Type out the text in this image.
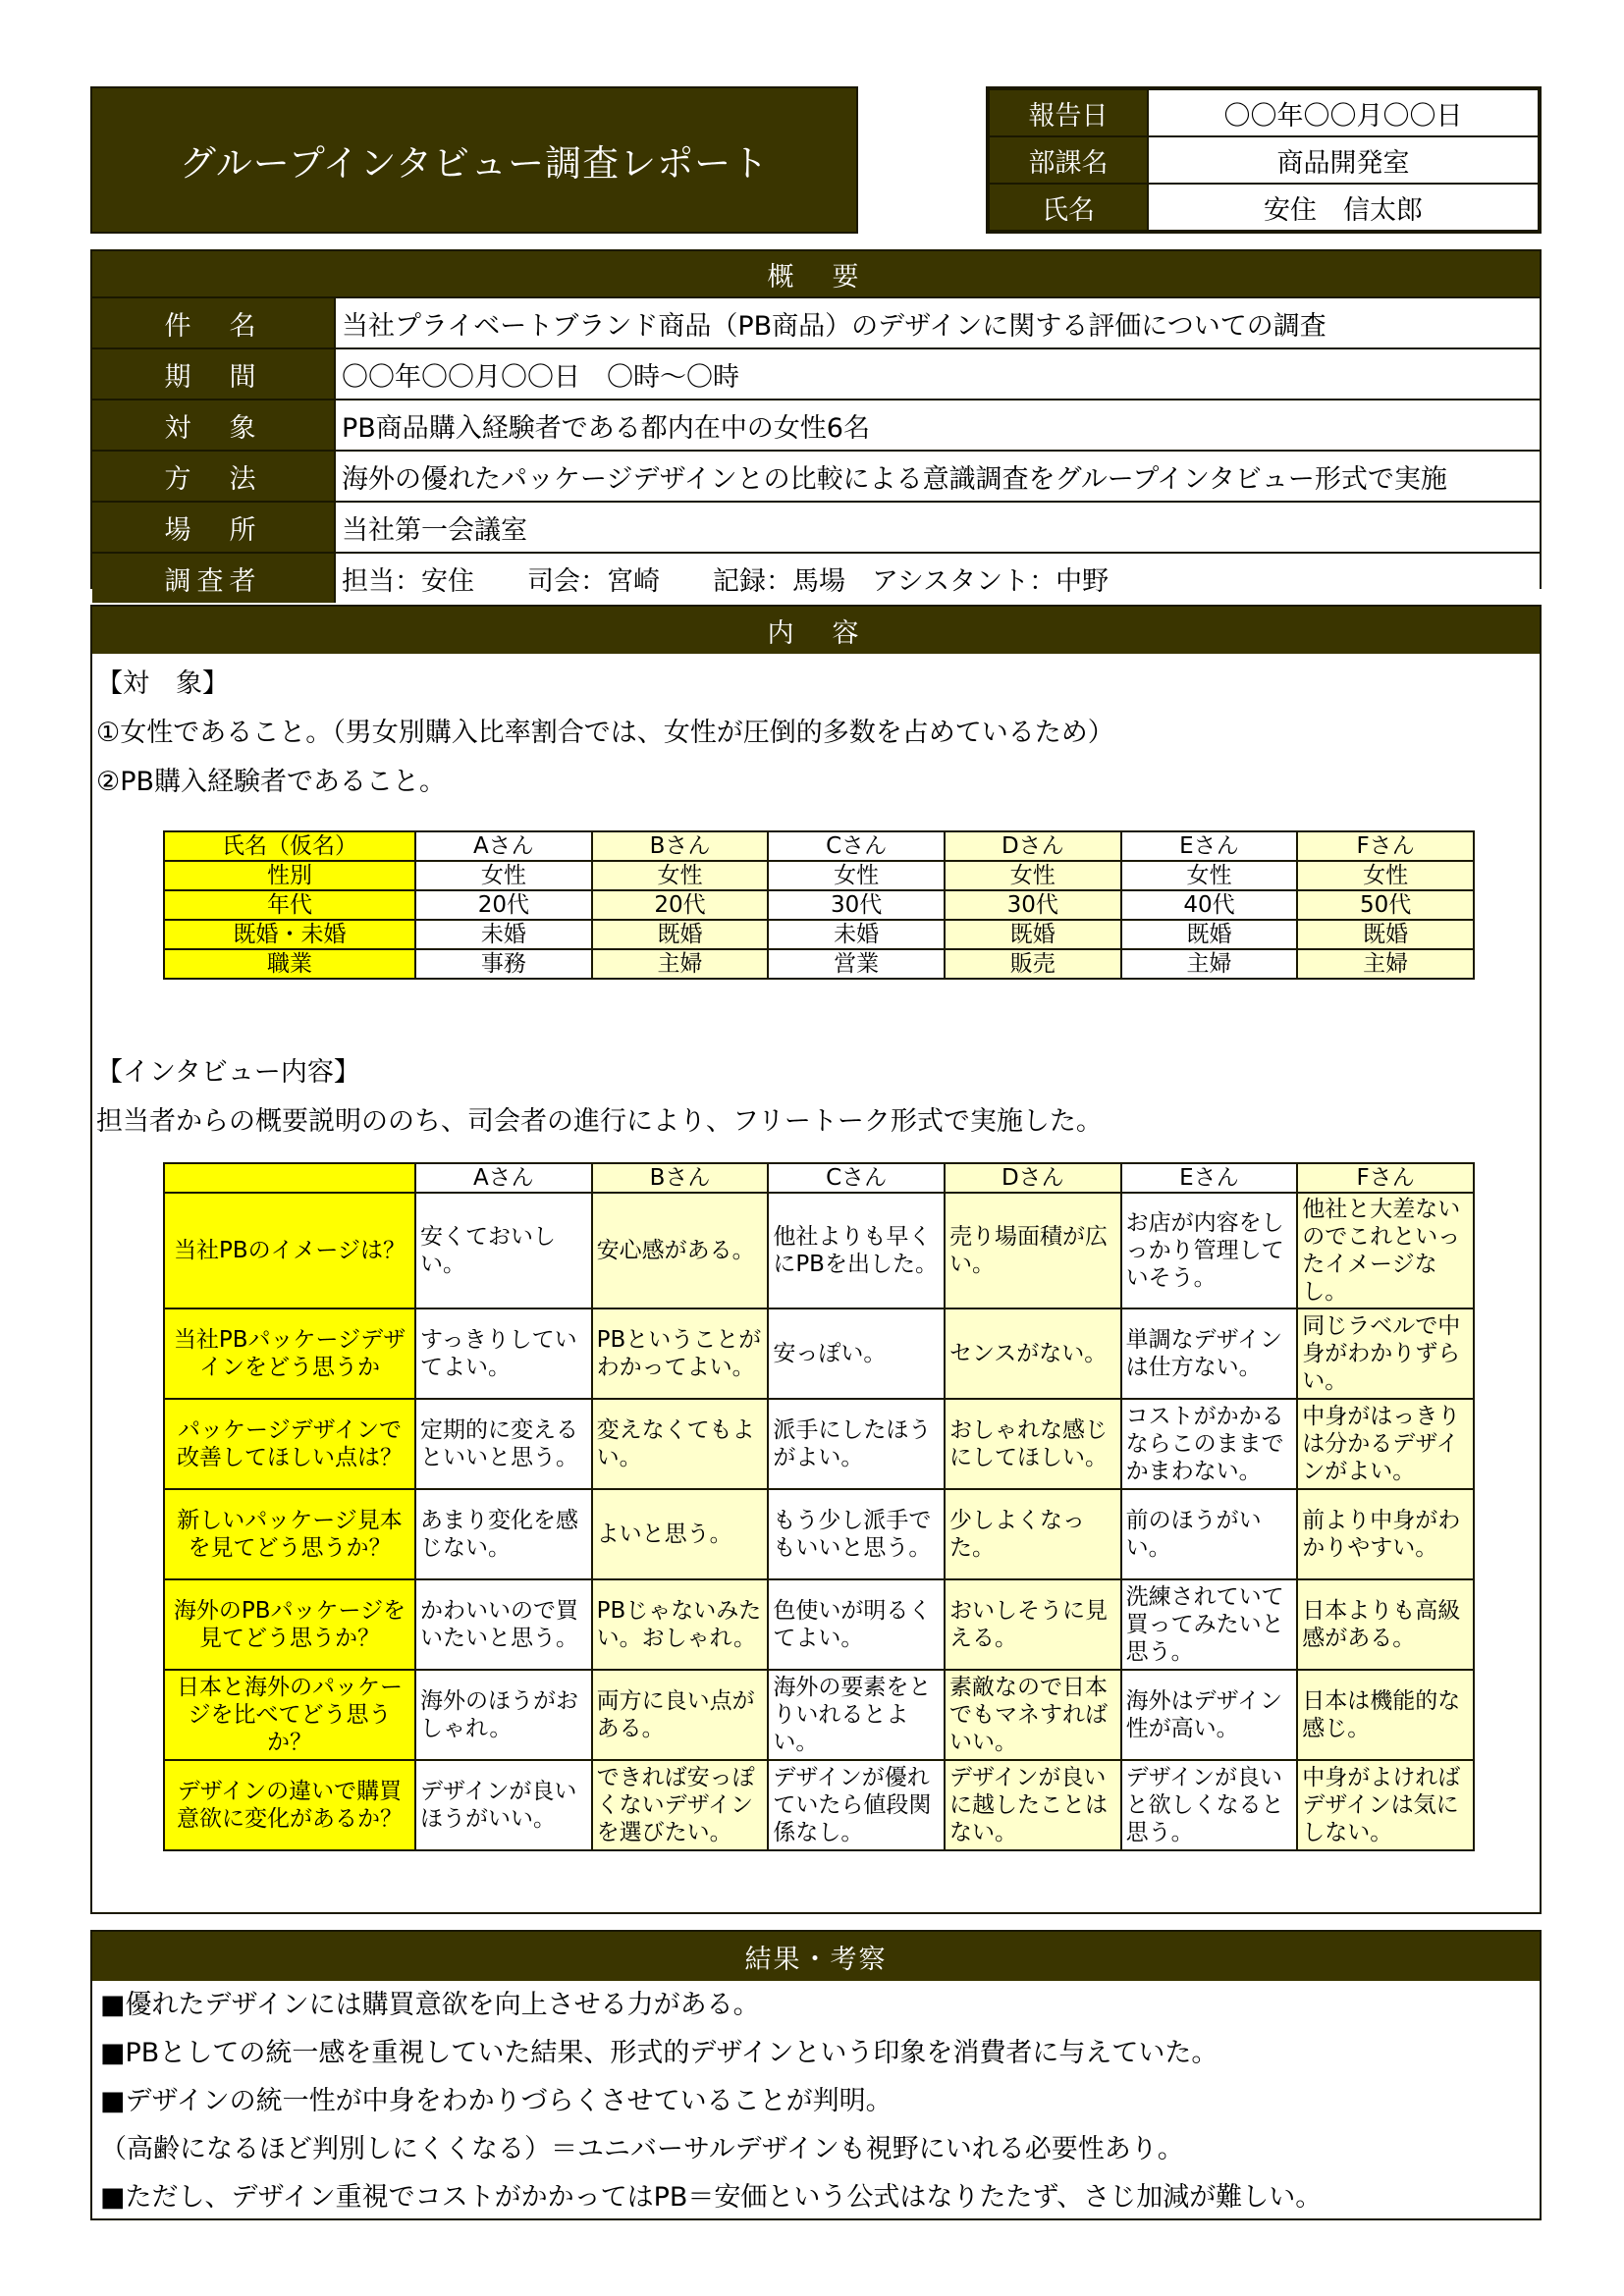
グループインタビュー調査レポート
報告日	〇〇年〇〇月〇〇日
部課名	商品開発室
氏名	安住　信太郎
概　要
件　名	当社プライベートブランド商品（PB商品）のデザインに関する評価についての調査
期　間	〇〇年〇〇月〇〇日　〇時～〇時
対　象	PB商品購入経験者である都内在中の女性6名
方　法	海外の優れたパッケージデザインとの比較による意識調査をグループインタビュー形式で実施
場　所	当社第一会議室
調査者	担当：安住　　司会：宮崎　　記録：馬場　アシスタント：中野
内　容
【対　象】
①女性であること。（男女別購入比率割合では、女性が圧倒的多数を占めているため）
②PB購入経験者であること。
氏名（仮名）	Aさん	Bさん	Cさん	Dさん	Eさん	Fさん
性別	女性	女性	女性	女性	女性	女性
年代	20代	20代	30代	30代	40代	50代
既婚・未婚	未婚	既婚	未婚	既婚	既婚	既婚
職業	事務	主婦	営業	販売	主婦	主婦
【インタビュー内容】
担当者からの概要説明ののち、司会者の進行により、フリートーク形式で実施した。
	Aさん	Bさん	Cさん	Dさん	Eさん	Fさん
当社PBのイメージは？	安くておいしい。	安心感がある。	他社よりも早くにPBを出した。	売り場面積が広い。	お店が内容をしっかり管理していそう。	他社と大差ないのでこれといったイメージなし。
当社PBパッケージデザインをどう思うか	すっきりしていてよい。	PBということがわかってよい。	安っぽい。	センスがない。	単調なデザインは仕方ない。	同じラベルで中身がわかりずらい。
パッケージデザインで改善してほしい点は？	定期的に変えるといいと思う。	変えなくてもよい。	派手にしたほうがよい。	おしゃれな感じにしてほしい。	コストがかかるならこのままでかまわない。	中身がはっきりは分かるデザインがよい。
新しいパッケージ見本を見てどう思うか？	あまり変化を感じない。	よいと思う。	もう少し派手でもいいと思う。	少しよくなった。	前のほうがいい。	前より中身がわかりやすい。
海外のPBパッケージを見てどう思うか？	かわいいので買いたいと思う。	PBじゃないみたい。おしゃれ。	色使いが明るくてよい。	おいしそうに見える。	洗練されていて買ってみたいと思う。	日本よりも高級感がある。
日本と海外のパッケージを比べてどう思うか？	海外のほうがおしゃれ。	両方に良い点がある。	海外の要素をとりいれるとよい。	素敵なので日本でもマネすればいい。	海外はデザイン性が高い。	日本は機能的な感じ。
デザインの違いで購買意欲に変化があるか？	デザインが良いほうがいい。	できれば安っぽくないデザインを選びたい。	デザインが優れていたら値段関係なし。	デザインが良いに越したことはない。	デザインが良いと欲しくなると思う。	中身がよければデザインは気にしない。
結果・考察
■優れたデザインには購買意欲を向上させる力がある。
■PBとしての統一感を重視していた結果、形式的デザインという印象を消費者に与えていた。
■デザインの統一性が中身をわかりづらくさせていることが判明。
（高齢になるほど判別しにくくなる）＝ユニバーサルデザインも視野にいれる必要性あり。
■ただし、デザイン重視でコストがかかってはPB＝安価という公式はなりたたず、さじ加減が難しい。
